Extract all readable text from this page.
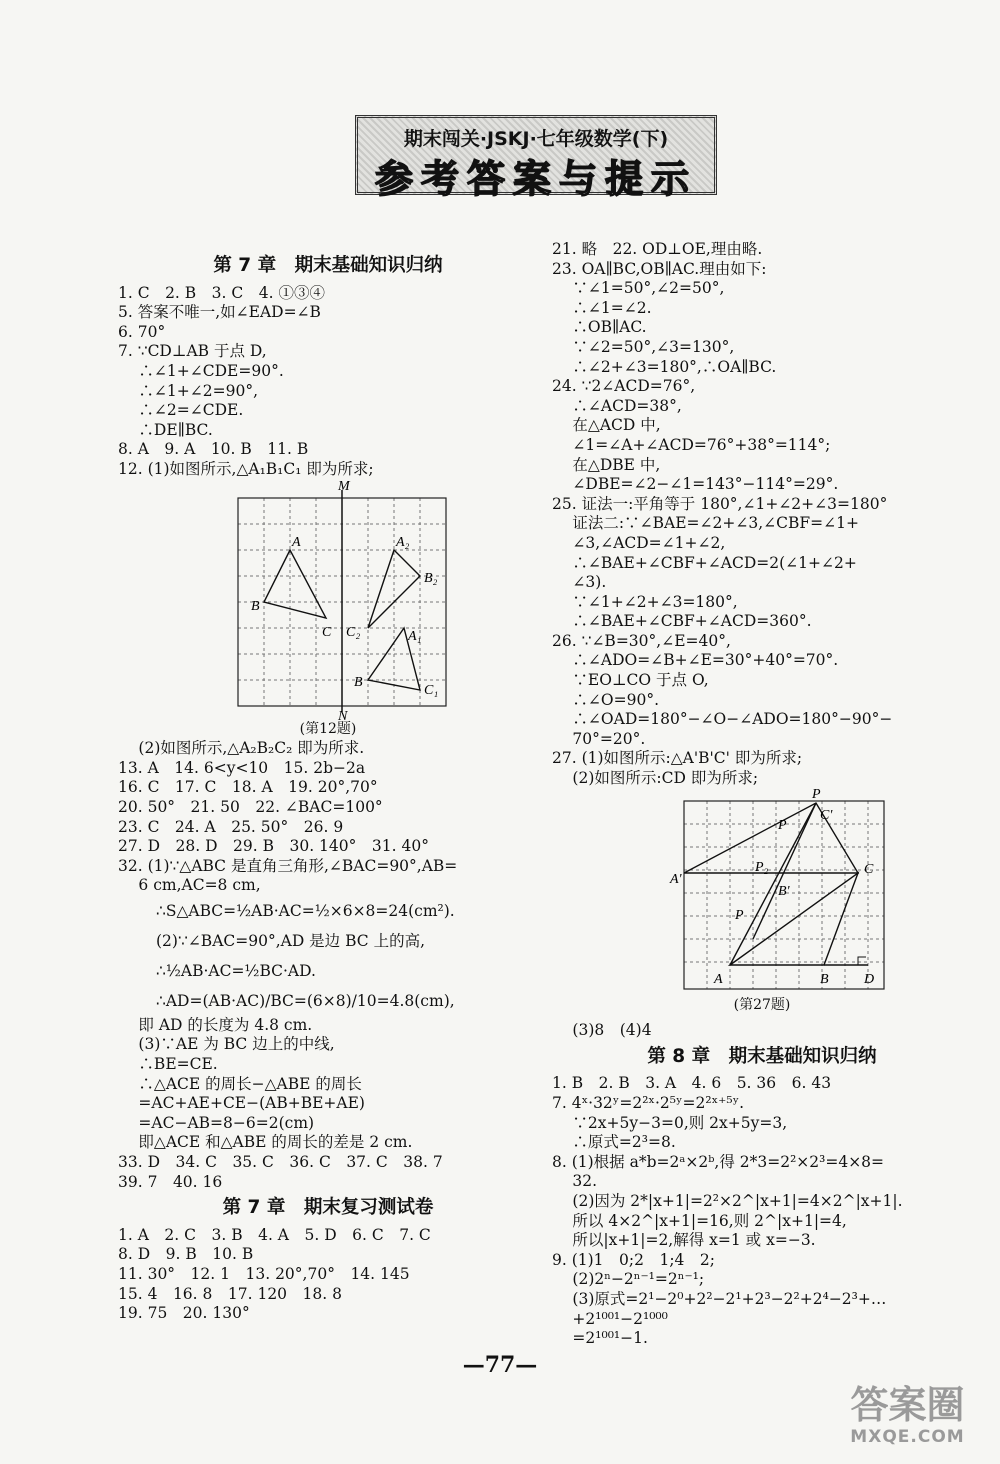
期末闯关·JSKJ·七年级数学(下)
参考答案与提示
第 7 章　期末基础知识归纳
1. C　2. B　3. C　4. ①③④
5. 答案不唯一,如∠EAD=∠B
6. 70°
7. ∵CD⊥AB 于点 D,
　 ∴∠1+∠CDE=90°.
　 ∴∠1+∠2=90°,
　 ∴∠2=∠CDE.
　 ∴DE∥BC.
8. A　9. A　10. B　11. B
12. (1)如图所示,△A₁B₁C₁ 即为所求;
M
N
A
B
C
A₂
B₂
C₂	A₁
B
C₁
(第12题)
　 (2)如图所示,△A₂B₂C₂ 即为所求.
13. A　14. 6<y<10　15. 2b−2a
16. C　17. C　18. A　19. 20°,70°
20. 50°　21. 50　22. ∠BAC=100°
23. C　24. A　25. 50°　26. 9
27. D　28. D　29. B　30. 140°　31. 40°
32. (1)∵△ABC 是直角三角形,∠BAC=90°,AB=
　 6 cm,AC=8 cm,
∴S△ABC=½AB·AC=½×6×8=24(cm²).
(2)∵∠BAC=90°,AD 是边 BC 上的高,
∴½AB·AC=½BC·AD.
∴AD=(AB·AC)/BC=(6×8)/10=4.8(cm),
　 即 AD 的长度为 4.8 cm.
　 (3)∵AE 为 BC 边上的中线,
　 ∴BE=CE.
　 ∴△ACE 的周长−△ABE 的周长
　 =AC+AE+CE−(AB+BE+AE)
　 =AC−AB=8−6=2(cm)
　 即△ACE 和△ABE 的周长的差是 2 cm.
33. D　34. C　35. C　36. C　37. C　38. 7
39. 7　40. 16
第 7 章　期末复习测试卷
1. A　2. C　3. B　4. A　5. D　6. C　7. C
8. D　9. B　10. B
11. 30°　12. 1　13. 20°,70°　14. 145
15. 4　16. 8　17. 120　18. 8
19. 75　20. 130°
21. 略　22. OD⊥OE,理由略.
23. OA∥BC,OB∥AC.理由如下:
　 ∵∠1=50°,∠2=50°,
　 ∴∠1=∠2.
　 ∴OB∥AC.
　 ∵∠2=50°,∠3=130°,
　 ∴∠2+∠3=180°,∴OA∥BC.
24. ∵2∠ACD=76°,
　 ∴∠ACD=38°,
　 在△ACD 中,
　 ∠1=∠A+∠ACD=76°+38°=114°;
　 在△DBE 中,
　 ∠DBE=∠2−∠1=143°−114°=29°.
25. 证法一:平角等于 180°,∠1+∠2+∠3=180°
　 证法二:∵∠BAE=∠2+∠3,∠CBF=∠1+
　 ∠3,∠ACD=∠1+∠2,
　 ∴∠BAE+∠CBF+∠ACD=2(∠1+∠2+
　 ∠3).
　 ∵∠1+∠2+∠3=180°,
　 ∴∠BAE+∠CBF+∠ACD=360°.
26. ∵∠B=30°,∠E=40°,
　 ∴∠ADO=∠B+∠E=30°+40°=70°.
　 ∵EO⊥CO 于点 O,
　 ∴∠O=90°.
　 ∴∠OAD=180°−∠O−∠ADO=180°−90°−
　 70°=20°.
27. (1)如图所示:△A'B'C' 即为所求;
　 (2)如图所示:CD 即为所求;
P
C'
P
P₂
A'
C
B'
P
A	B	D
(第27题)
　 (3)8　(4)4
第 8 章　期末基础知识归纳
1. B　2. B　3. A　4. 6　5. 36　6. 43
7. 4ˣ·32ʸ=2²ˣ·2⁵ʸ=2²ˣ⁺⁵ʸ.
　 ∵2x+5y−3=0,则 2x+5y=3,
　 ∴原式=2³=8.
8. (1)根据 a*b=2ᵃ×2ᵇ,得 2*3=2²×2³=4×8=
　 32.
　 (2)因为 2*|x+1|=2²×2^|x+1|=4×2^|x+1|.
　 所以 4×2^|x+1|=16,则 2^|x+1|=4,
　 所以|x+1|=2,解得 x=1 或 x=−3.
9. (1)1　0;2　1;4　2;
　 (2)2ⁿ−2ⁿ⁻¹=2ⁿ⁻¹;
　 (3)原式=2¹−2⁰+2²−2¹+2³−2²+2⁴−2³+…
　 +2¹⁰⁰¹−2¹⁰⁰⁰
　 =2¹⁰⁰¹−1.
—77—
答案圈
MXQE.COM
